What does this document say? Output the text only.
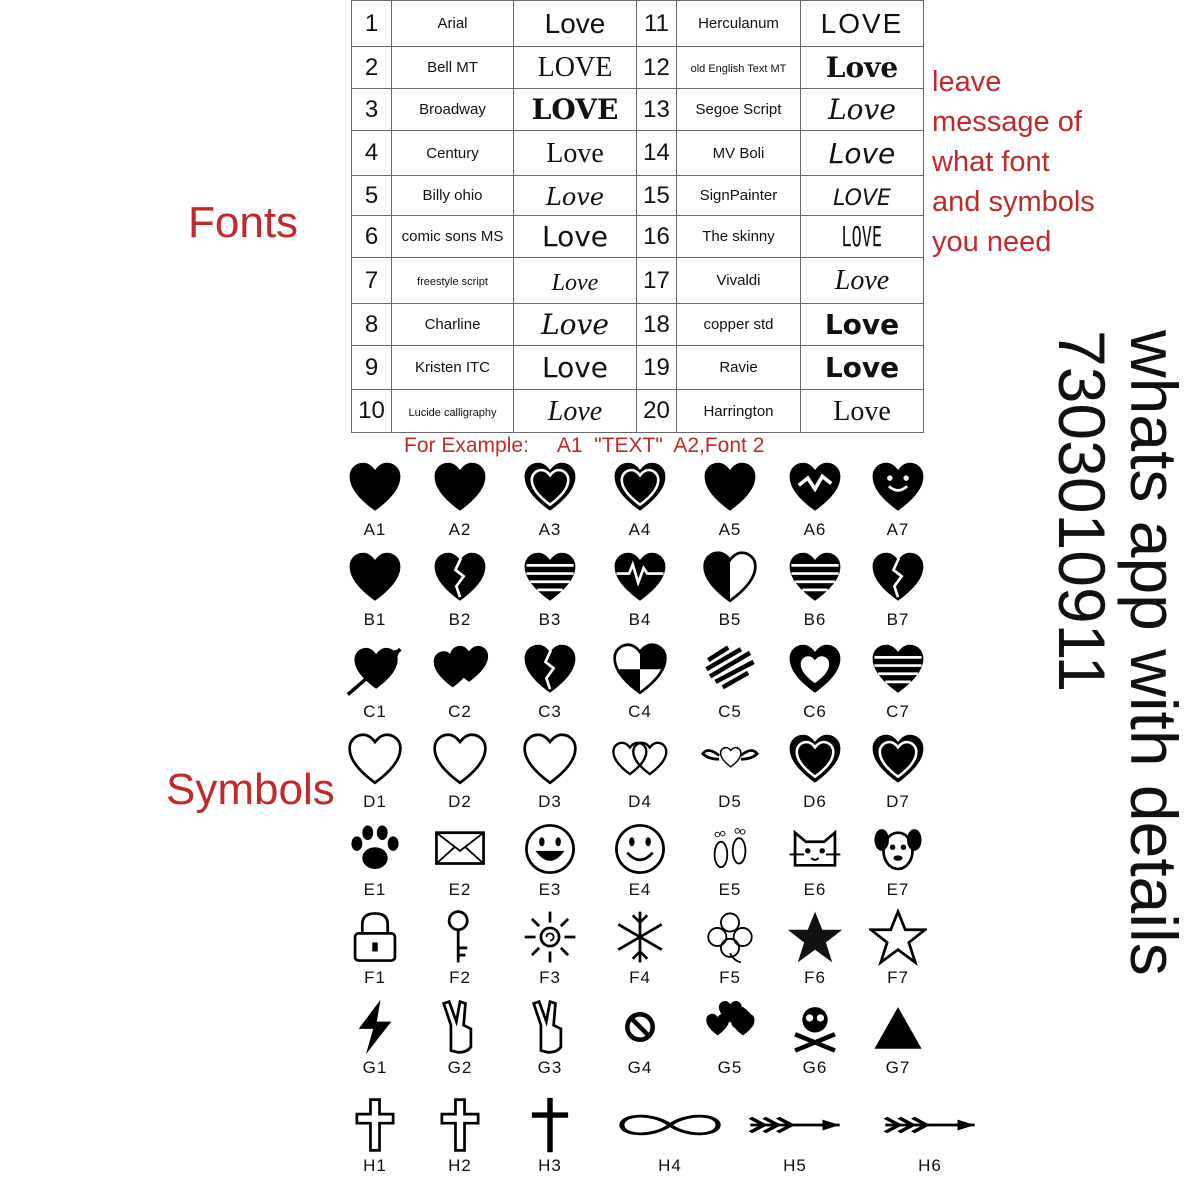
Fonts
1	Arial	Love	11	Herculanum	LOVE
2	Bell MT	LOVE	12	old English Text MT	Love
3	Broadway	LOVE	13	Segoe Script	Love
4	Century	Love	14	MV Boli	Love
5	Billy ohio	Love	15	SignPainter	LOVE
6	comic sons MS	Love	16	The skinny	LOVE
7	freestyle script	Love	17	Vivaldi	Love
8	Charline	Love	18	copper std	Love
9	Kristen ITC	Love	19	Ravie	Love
10	Lucide calligraphy	Love	20	Harrington	Love
leave message of what font and symbols you need
For Example:     A1  "TEXT"  A2,Font 2
Symbols	whats app with details
7303010911
A1	A2	A3	A4	A5	A6	A7
B1	B2	B3	B4	B5	B6	B7
C1	C2	C3	C4	C5	C6	C7
D1	D2	D3	D4	D5	D6	D7
E1	E2	E3	E4	E5	E6	E7
F1	F2	F3	F4	F5	F6	F7
G1	G2	G3	G4	G5	G6	G7
H1	H2	H3	H4	H5	H6
